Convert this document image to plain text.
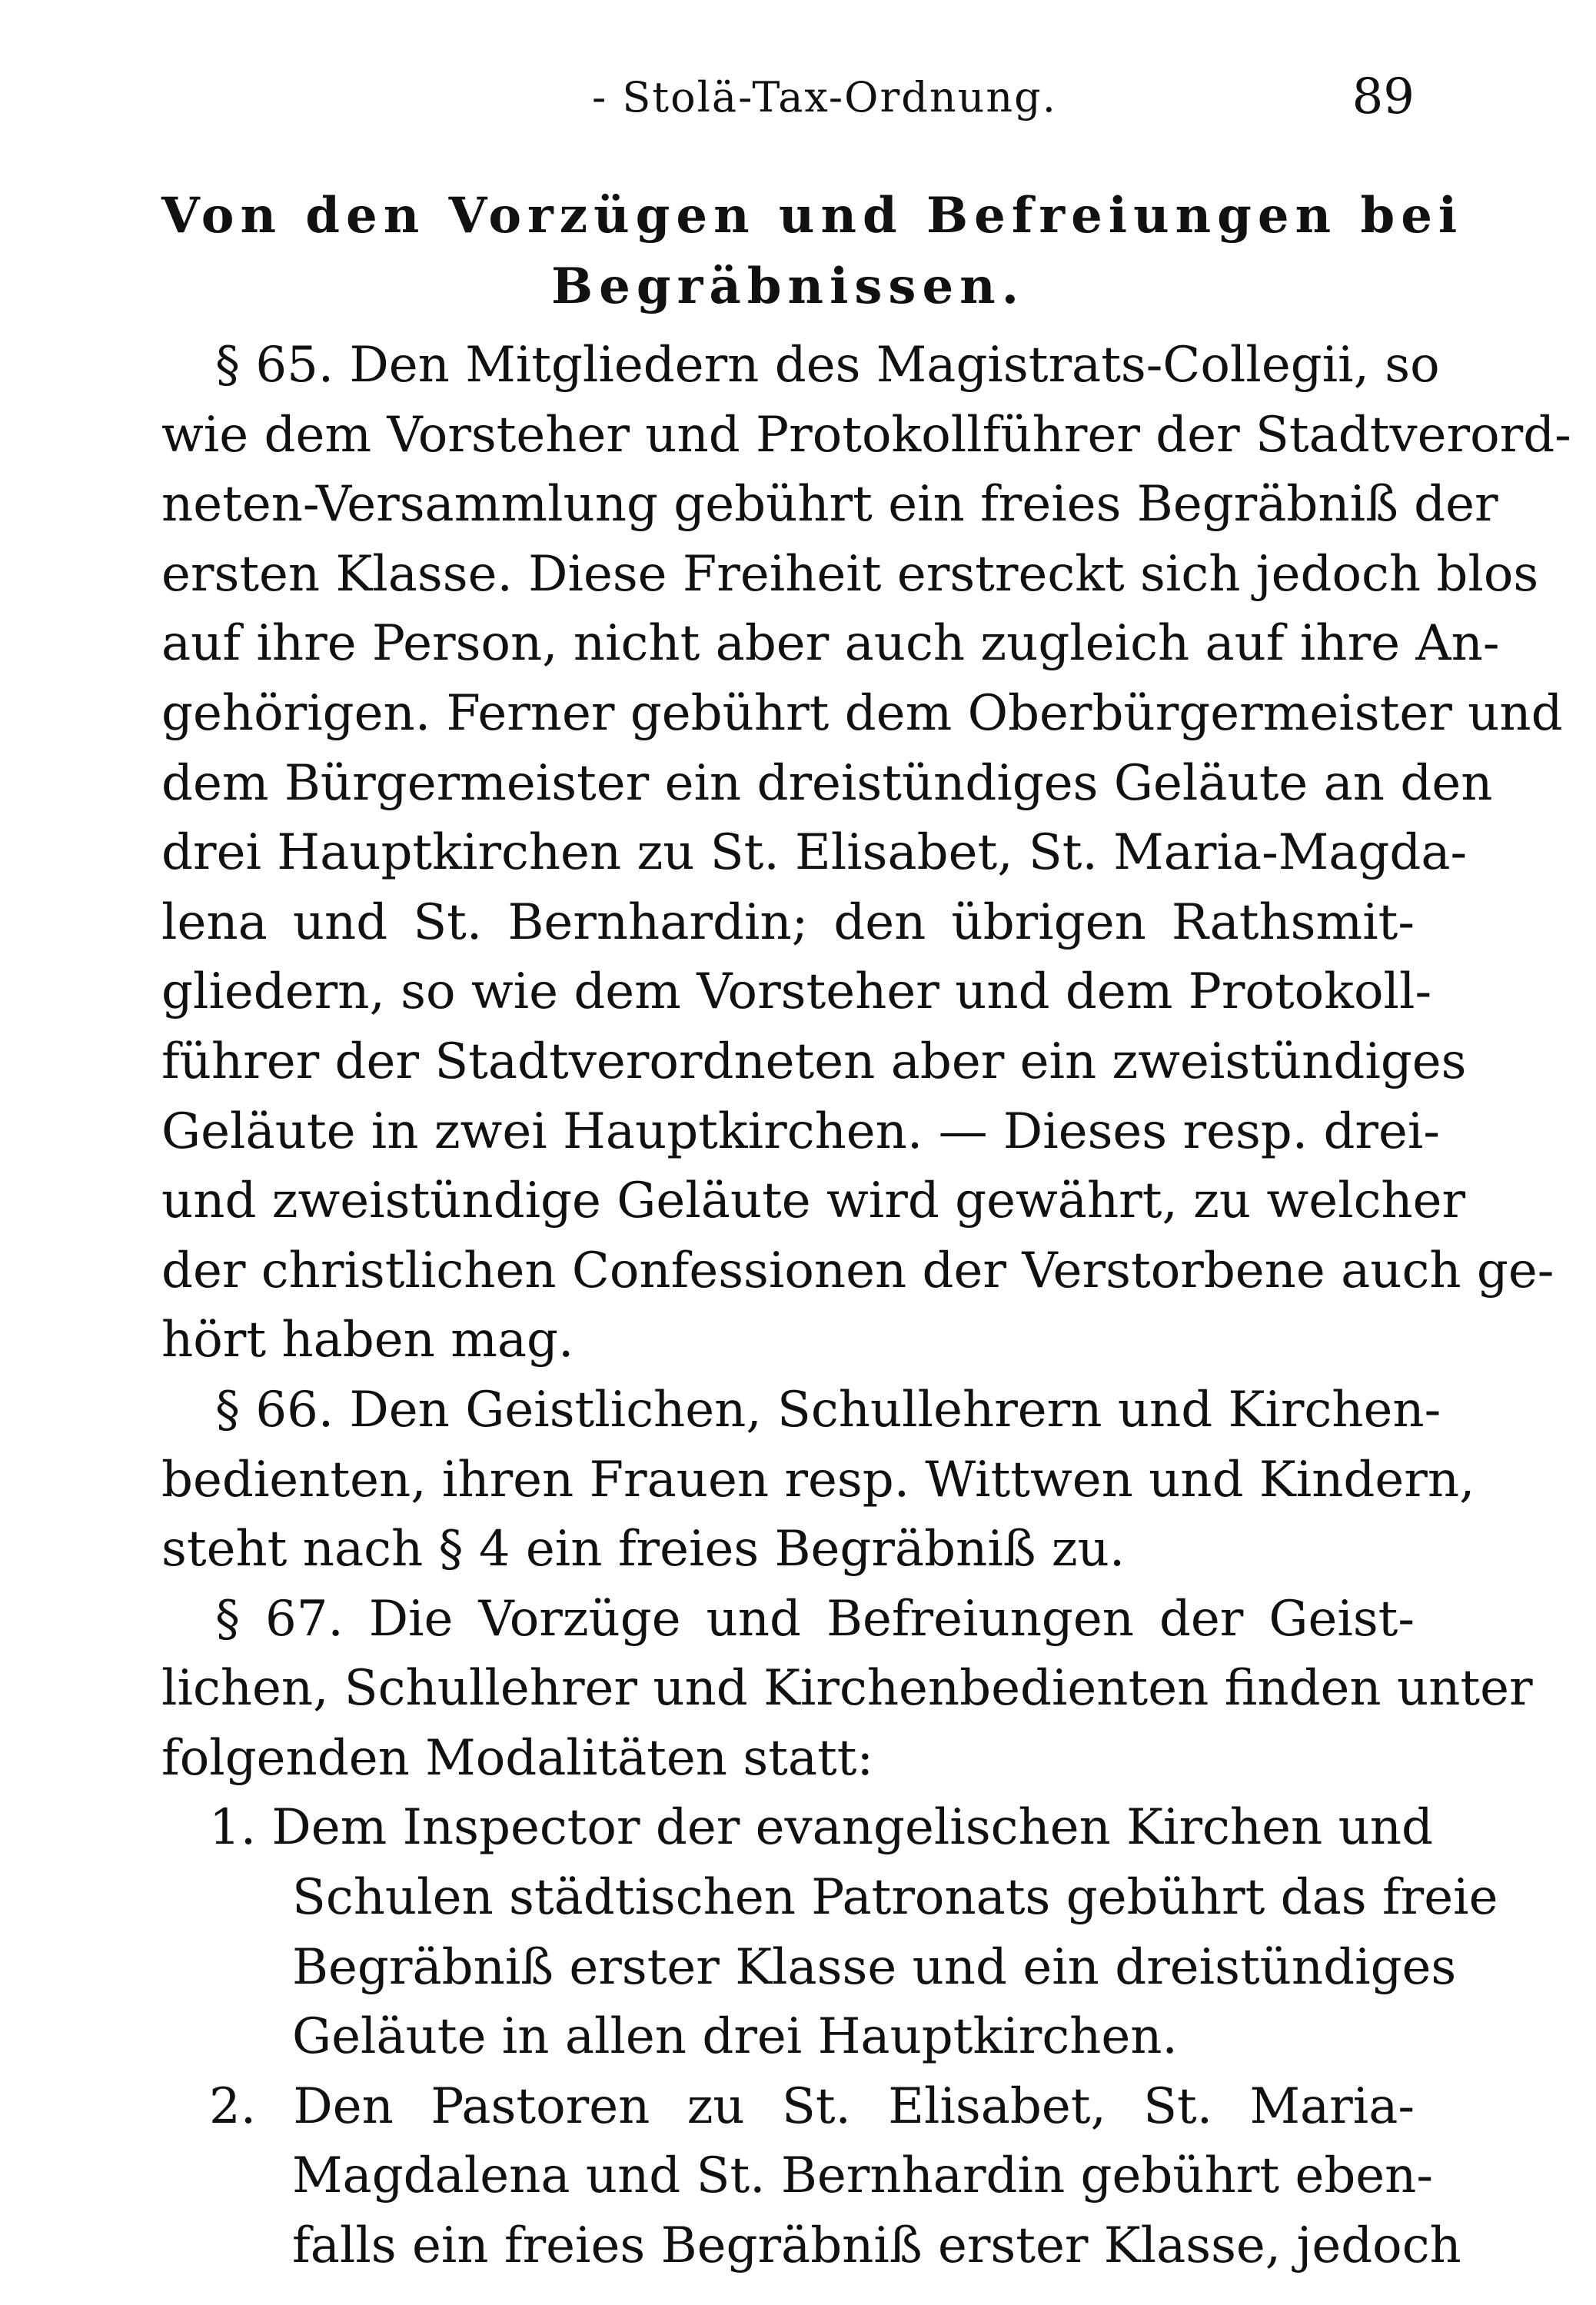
- Stolä-Tax-Ordnung.	89
Von den Vorzügen und Befreiungen bei
Begräbnissen.
§ 65. Den Mitgliedern des Magistrats-Collegii, so
wie dem Vorsteher und Protokollführer der Stadtverord-
neten-Versammlung gebührt ein freies Begräbniß der
ersten Klasse. Diese Freiheit erstreckt sich jedoch blos
auf ihre Person, nicht aber auch zugleich auf ihre An-
gehörigen. Ferner gebührt dem Oberbürgermeister und
dem Bürgermeister ein dreistündiges Geläute an den
drei Hauptkirchen zu St. Elisabet, St. Maria-Magda-
lena und St. Bernhardin; den übrigen Rathsmit-
gliedern, so wie dem Vorsteher und dem Protokoll-
führer der Stadtverordneten aber ein zweistündiges
Geläute in zwei Hauptkirchen. — Dieses resp. drei-
und zweistündige Geläute wird gewährt, zu welcher
der christlichen Confessionen der Verstorbene auch ge-
hört haben mag.
§ 66. Den Geistlichen, Schullehrern und Kirchen-
bedienten, ihren Frauen resp. Wittwen und Kindern,
steht nach § 4 ein freies Begräbniß zu.
§ 67. Die Vorzüge und Befreiungen der Geist-
lichen, Schullehrer und Kirchenbedienten finden unter
folgenden Modalitäten statt:
1. Dem Inspector der evangelischen Kirchen und
Schulen städtischen Patronats gebührt das freie
Begräbniß erster Klasse und ein dreistündiges
Geläute in allen drei Hauptkirchen.
2. Den Pastoren zu St. Elisabet, St. Maria-
Magdalena und St. Bernhardin gebührt eben-
falls ein freies Begräbniß erster Klasse, jedoch
